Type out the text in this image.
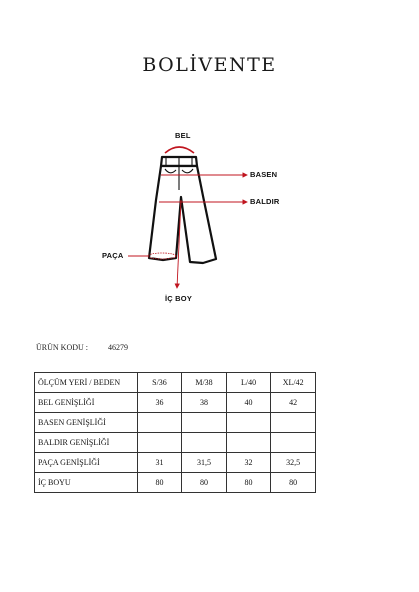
BOLİVENTE
BEL
BASEN
BALDIR
PAÇA
İÇ BOY
ÜRÜN KODU :	46279
ÖLÇÜM YERİ / BEDEN	S/36	M/38	L/40	XL/42
BEL GENİŞLİĞİ	36	38	40	42
BASEN GENİŞLİĞİ				
BALDIR GENİŞLİĞİ				
PAÇA GENİŞLİĞİ	31	31,5	32	32,5
İÇ BOYU	80	80	80	80
